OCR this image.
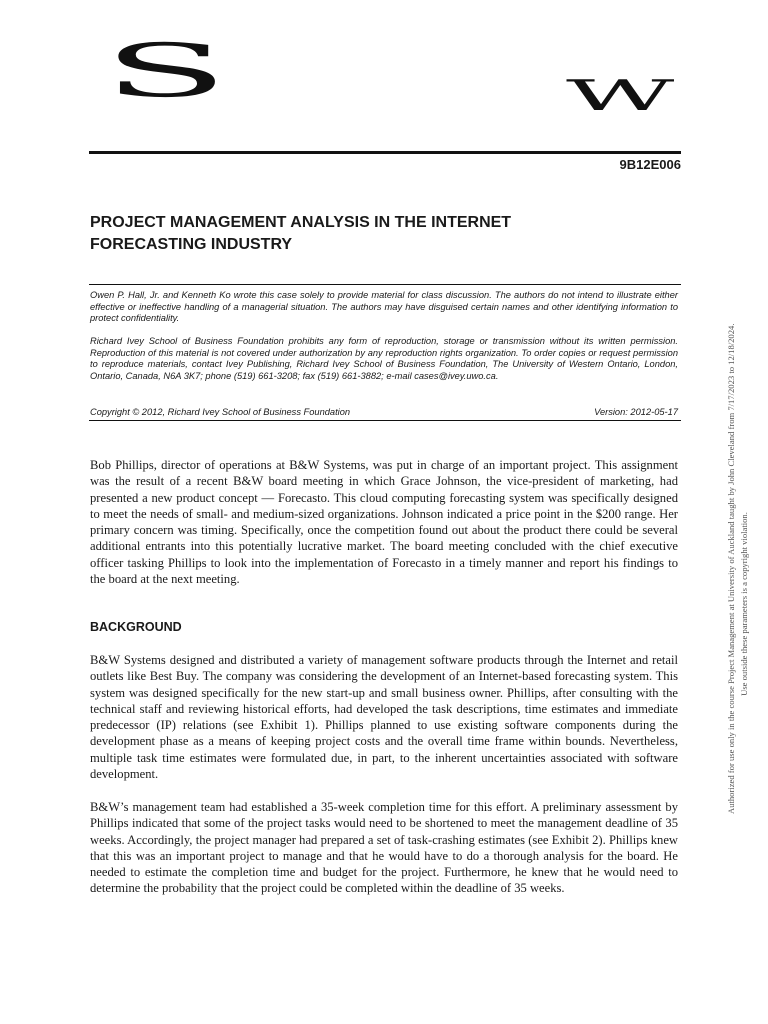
S	W
9B12E006
PROJECT MANAGEMENT ANALYSIS IN THE INTERNET
FORECASTING INDUSTRY

Owen P. Hall, Jr. and Kenneth Ko wrote this case solely to provide material for class discussion. The authors do not intend to illustrate either effective or ineffective handling of a managerial situation. The authors may have disguised certain names and other identifying information to protect confidentiality.

Richard Ivey School of Business Foundation prohibits any form of reproduction, storage or transmission without its written permission. Reproduction of this material is not covered under authorization by any reproduction rights organization. To order copies or request permission to reproduce materials, contact Ivey Publishing, Richard Ivey School of Business Foundation, The University of Western Ontario, London, Ontario, Canada, N6A 3K7; phone (519) 661-3208; fax (519) 661-3882; e-mail cases@ivey.uwo.ca.

Copyright © 2012, Richard Ivey School of Business Foundation	Version: 2012-05-17

Bob Phillips, director of operations at B&W Systems, was put in charge of an important project. This assignment was the result of a recent B&W board meeting in which Grace Johnson, the vice-president of marketing, had presented a new product concept — Forecasto. This cloud computing forecasting system was specifically designed to meet the needs of small- and medium-sized organizations. Johnson indicated a price point in the $200 range. Her primary concern was timing. Specifically, once the competition found out about the product there could be several additional entrants into this potentially lucrative market. The board meeting concluded with the chief executive officer tasking Phillips to look into the implementation of Forecasto in a timely manner and report his findings to the board at the next meeting.

BACKGROUND

B&W Systems designed and distributed a variety of management software products through the Internet and retail outlets like Best Buy. The company was considering the development of an Internet-based forecasting system. This system was designed specifically for the new start-up and small business owner. Phillips, after consulting with the technical staff and reviewing historical efforts, had developed the task descriptions, time estimates and immediate predecessor (IP) relations (see Exhibit 1). Phillips planned to use existing software components during the development phase as a means of keeping project costs and the overall time frame within bounds. Nevertheless, multiple task time estimates were formulated due, in part, to the inherent uncertainties associated with software development.

B&W’s management team had established a 35-week completion time for this effort. A preliminary assessment by Phillips indicated that some of the project tasks would need to be shortened to meet the management deadline of 35 weeks. Accordingly, the project manager had prepared a set of task-crashing estimates (see Exhibit 2). Phillips knew that this was an important project to manage and that he would have to do a thorough analysis for the board. He needed to estimate the completion time and budget for the project. Furthermore, he knew that he would need to determine the probability that the project could be completed within the deadline of 35 weeks.

Authorized for use only in the course Project Management at University of Auckland taught by John Cleveland from 7/17/2023 to 12/18/2024. Use outside these parameters is a copyright violation.
